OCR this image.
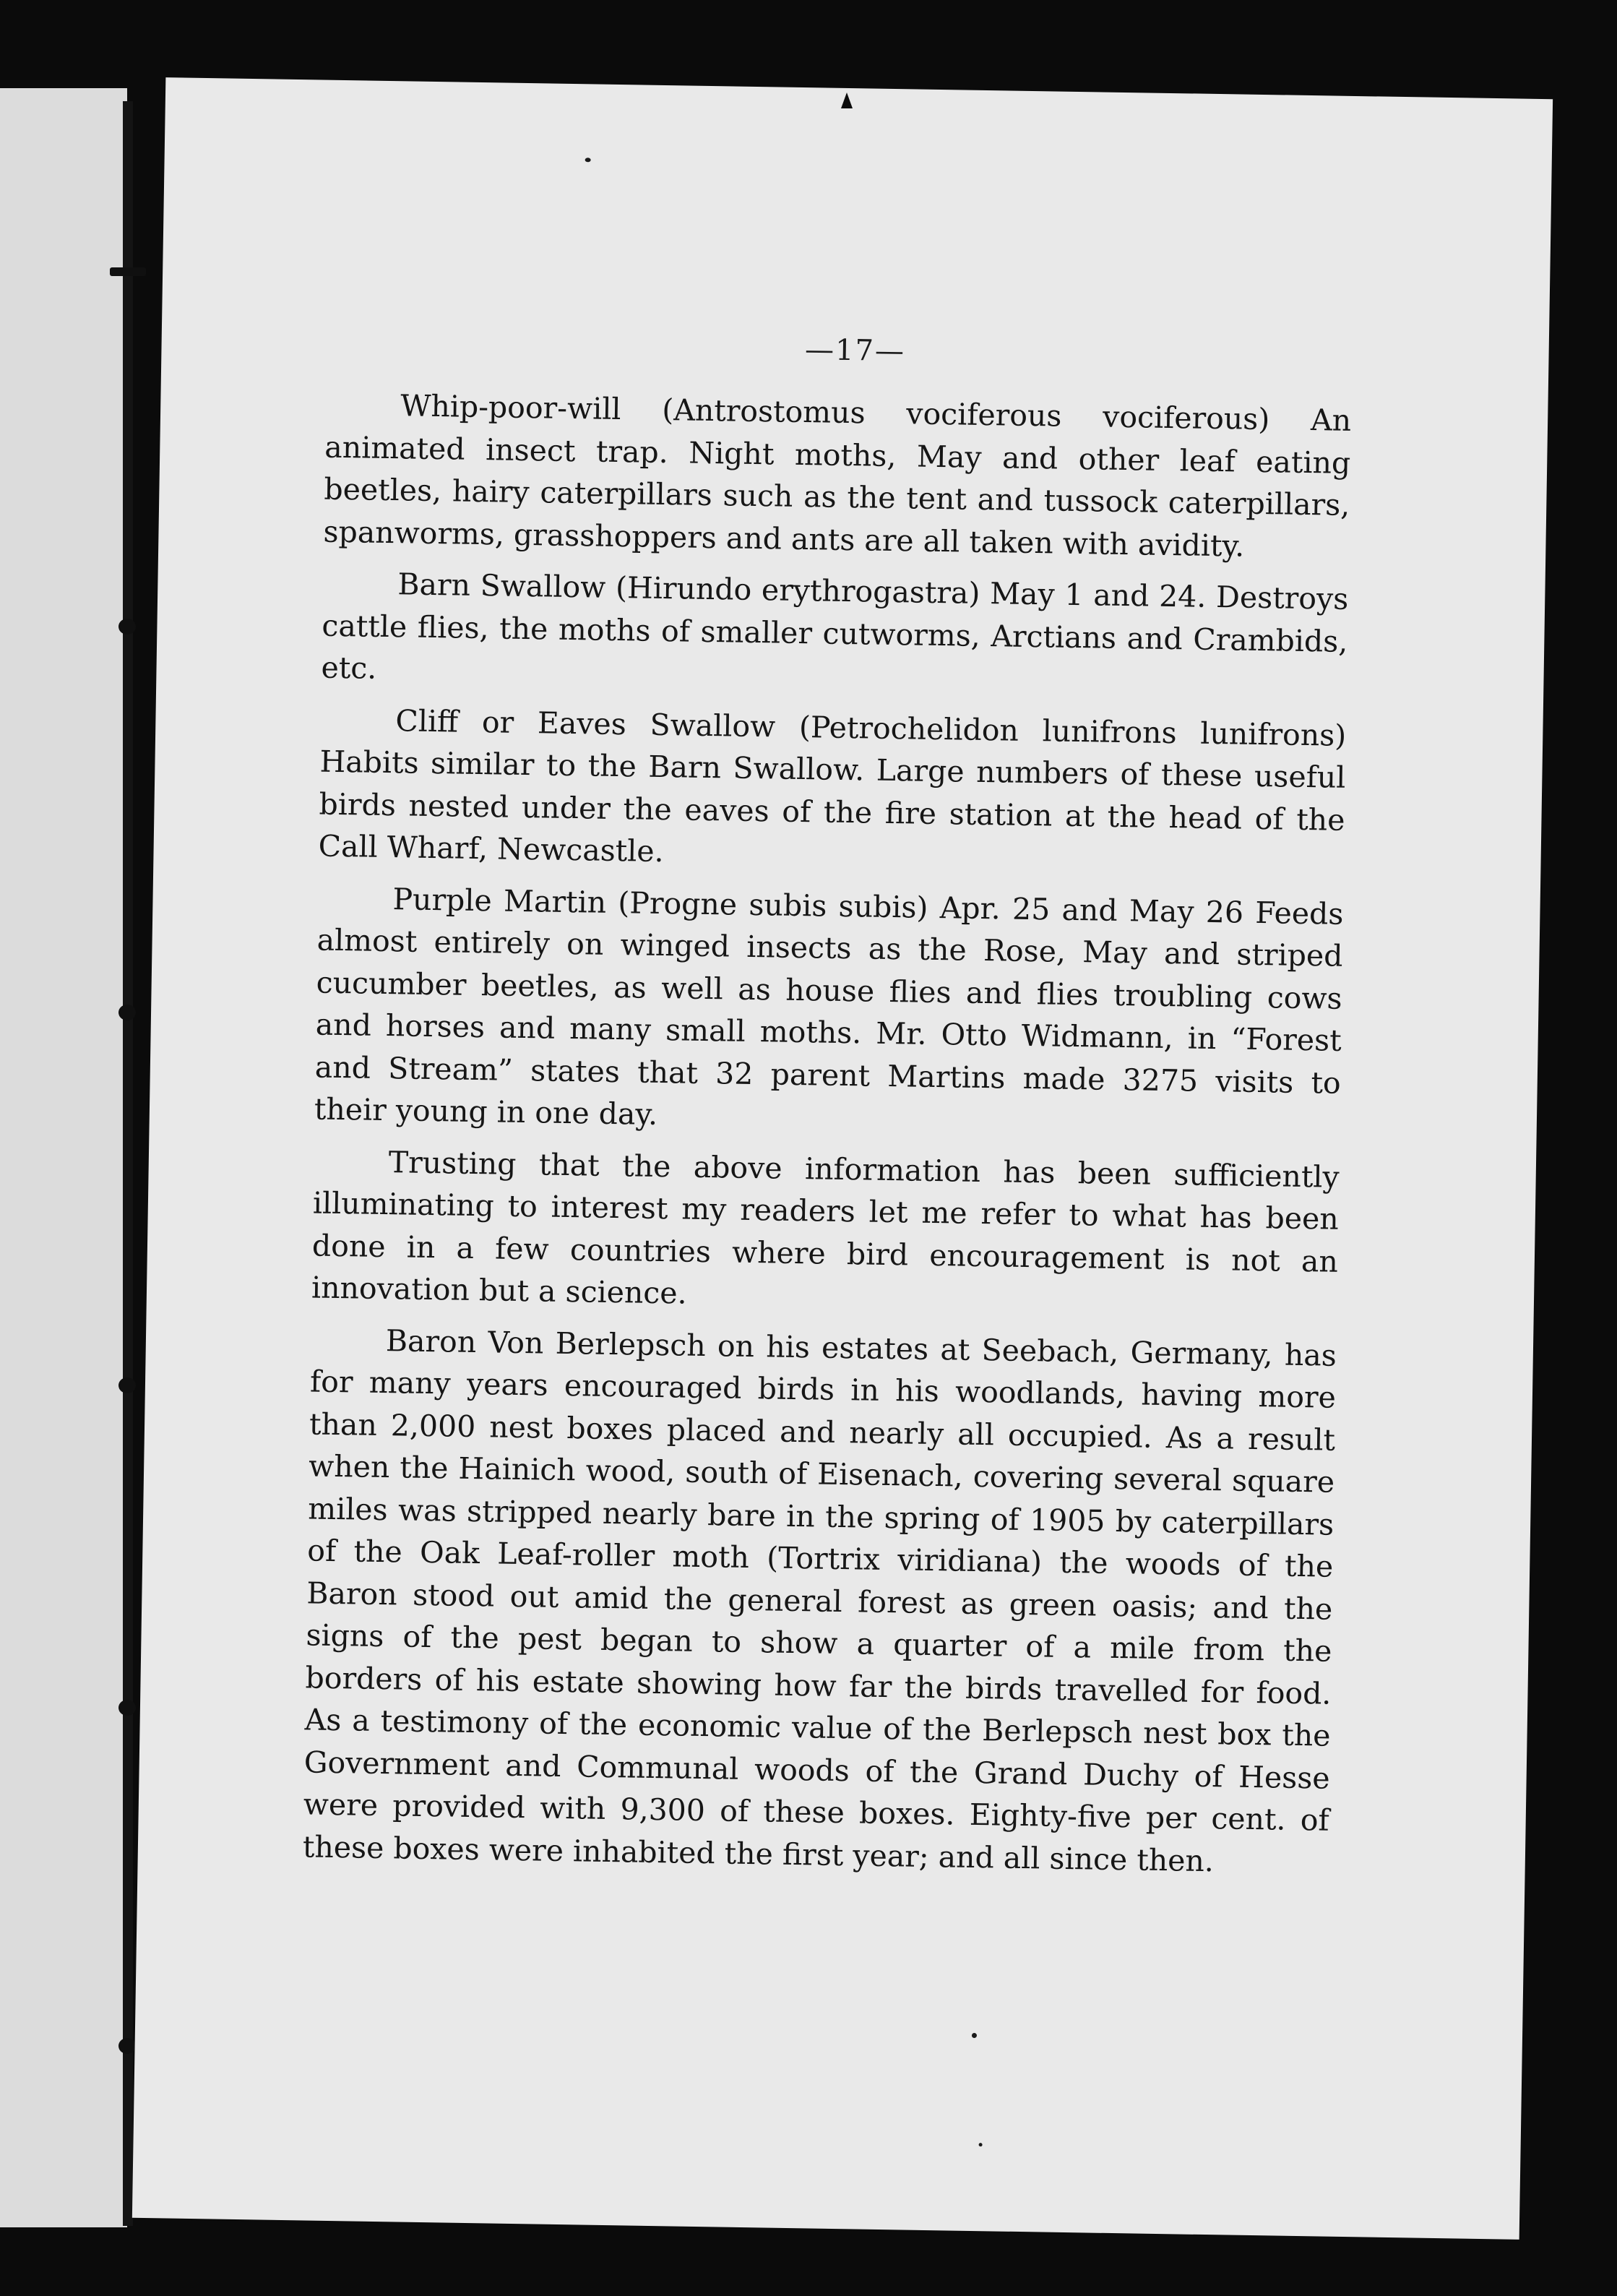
—17—

Whip-poor-will (Antrostomus vociferous vociferous) An animated insect trap. Night moths, May and other leaf eating beetles, hairy caterpillars such as the tent and tussock caterpillars, spanworms, grasshoppers and ants are all taken with avidity.

Barn Swallow (Hirundo erythrogastra) May 1 and 24. Destroys cattle flies, the moths of smaller cutworms, Arctians and Crambids, etc.

Cliff or Eaves Swallow (Petrochelidon lunifrons lunifrons) Habits similar to the Barn Swallow. Large numbers of these useful birds nested under the eaves of the fire station at the head of the Call Wharf, Newcastle.

Purple Martin (Progne subis subis) Apr. 25 and May 26 Feeds almost entirely on winged insects as the Rose, May and striped cucumber beetles, as well as house flies and flies troubling cows and horses and many small moths. Mr. Otto Widmann, in “Forest and Stream” states that 32 parent Martins made 3275 visits to their young in one day.

Trusting that the above information has been sufficiently illuminating to interest my readers let me refer to what has been done in a few countries where bird encouragement is not an innovation but a science.

Baron Von Berlepsch on his estates at Seebach, Germany, has for many years encouraged birds in his woodlands, having more than 2,000 nest boxes placed and nearly all occupied. As a result when the Hainich wood, south of Eisenach, covering several square miles was stripped nearly bare in the spring of 1905 by caterpillars of the Oak Leaf-roller moth (Tortrix viridiana) the woods of the Baron stood out amid the general forest as green oasis; and the signs of the pest began to show a quarter of a mile from the borders of his estate showing how far the birds travelled for food. As a testimony of the economic value of the Berlepsch nest box the Government and Communal woods of the Grand Duchy of Hesse were provided with 9,300 of these boxes. Eighty-five per cent. of these boxes were inhabited the first year; and all since then.
